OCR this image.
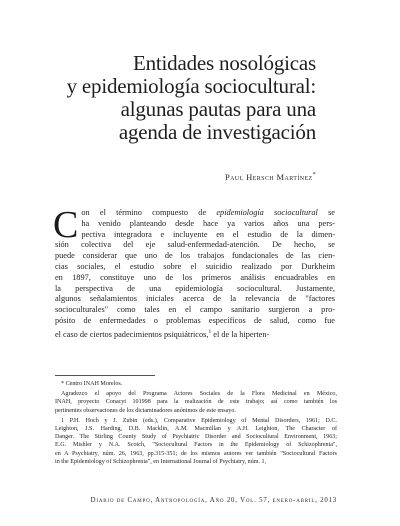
Entidades nosológicas
y epidemiología sociocultural:
algunas pautas para una
agenda de investigación
Paul Hersch Martínez*
C on el término compuesto de epidemiología sociocultural se
ha venido planteando desde hace ya varios años una pers-
pectiva integradora e incluyente en el estudio de la dimen-
sión colectiva del eje salud-enfermedad-atención. De hecho, se
puede considerar que uno de los trabajos fundacionales de las cien-
cias sociales, el estudio sobre el suicidio realizado por Durkheim
en 1897, constituye uno de los primeros análisis encuadrables en
la perspectiva de una epidemiología sociocultural. Justamente,
algunos señalamientos iniciales acerca de la relevancia de "factores
socioculturales" como tales en el campo sanitario surgieron a pro-
pósito de enfermedades o problemas específicos de salud, como fue
el caso de ciertos padecimientos psiquiátricos,$^1$ el de la hiperten-

* Centro INAH Morelos.
Agradezco el apoyo del Programa Actores Sociales de la Flora Medicinal en México,
INAH, proyecto Conacyt 101998 para la realización de este trabajo; así como también los
pertinentes observaciones de los dictaminadores anónimos de este ensayo.
1 P.H. Hoch y J. Zubin (eds.), Comparative Epidemiology of Mental Disorders, 1961; D.C.
Leighton, J.S. Harding, D.B. Macklin, A.M. Macmillan y A.H. Leighton, The Character of
Danger. The Stirling County Study of Psychiatric Disorder and Sociocultural Environment, 1963;
E.G. Mishler y N.A. Scotch, "Sociocultural Factors in the Epidemiology of Schizophrenia",
en A Psychiatry, núm. 26, 1963, pp.315-351; de los mismos autores ver también "Sociocultural Factors
in the Epidemiology of Schizophrenia", en International Journal of Psychiatry, núm. 1,
Diario de Campo, Antropología, Año 20, Vol. 57, enero-abril, 2013
